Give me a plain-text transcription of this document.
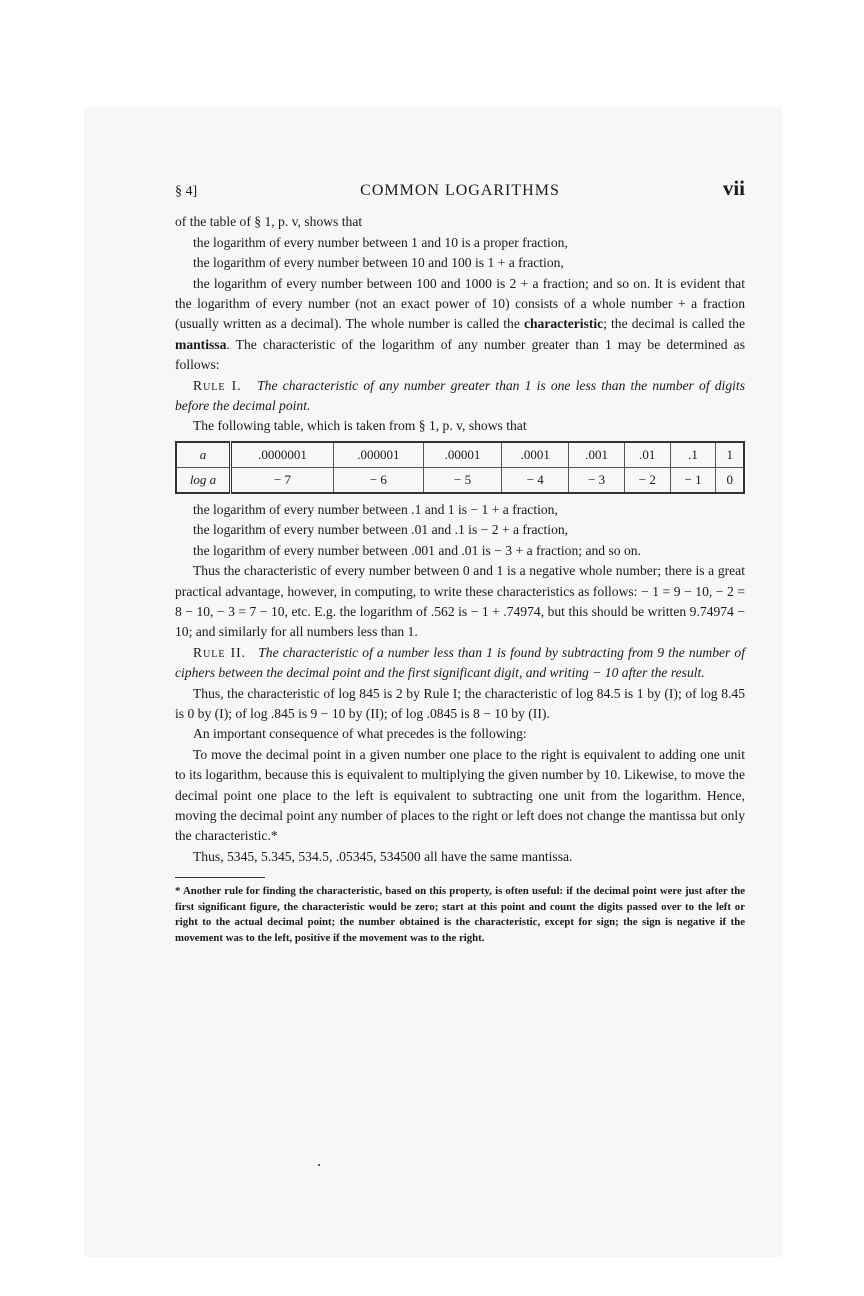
§ 4]	COMMON LOGARITHMS	vii

of the table of § 1, p. v, shows that

the logarithm of every number between 1 and 10 is a proper fraction,

the logarithm of every number between 10 and 100 is 1 + a fraction,

the logarithm of every number between 100 and 1000 is 2 + a fraction; and so on. It is evident that the logarithm of every number (not an exact power of 10) consists of a whole number + a fraction (usually written as a decimal). The whole number is called the characteristic; the decimal is called the mantissa. The characteristic of the logarithm of any number greater than 1 may be determined as follows:

Rule I. The characteristic of any number greater than 1 is one less than the number of digits before the decimal point.

The following table, which is taken from § 1, p. v, shows that

a	.0000001	.000001	.00001	.0001	.001	.01	.1	1
log a	− 7	− 6	− 5	− 4	− 3	− 2	− 1	0

the logarithm of every number between .1 and 1 is − 1 + a fraction,

the logarithm of every number between .01 and .1 is − 2 + a fraction,

the logarithm of every number between .001 and .01 is − 3 + a fraction; and so on.

Thus the characteristic of every number between 0 and 1 is a negative whole number; there is a great practical advantage, however, in computing, to write these characteristics as follows: − 1 = 9 − 10, − 2 = 8 − 10, − 3 = 7 − 10, etc. E.g. the logarithm of .562 is − 1 + .74974, but this should be written 9.74974 − 10; and similarly for all numbers less than 1.

Rule II. The characteristic of a number less than 1 is found by subtracting from 9 the number of ciphers between the decimal point and the first significant digit, and writing − 10 after the result.

Thus, the characteristic of log 845 is 2 by Rule I; the characteristic of log 84.5 is 1 by (I); of log 8.45 is 0 by (I); of log .845 is 9 − 10 by (II); of log .0845 is 8 − 10 by (II).

An important consequence of what precedes is the following:

To move the decimal point in a given number one place to the right is equivalent to adding one unit to its logarithm, because this is equivalent to multiplying the given number by 10. Likewise, to move the decimal point one place to the left is equivalent to subtracting one unit from the logarithm. Hence, moving the decimal point any number of places to the right or left does not change the mantissa but only the characteristic.*

Thus, 5345, 5.345, 534.5, .05345, 534500 all have the same mantissa.

* Another rule for finding the characteristic, based on this property, is often useful: if the decimal point were just after the first significant figure, the characteristic would be zero; start at this point and count the digits passed over to the left or right to the actual decimal point; the number obtained is the characteristic, except for sign; the sign is negative if the movement was to the left, positive if the movement was to the right.
